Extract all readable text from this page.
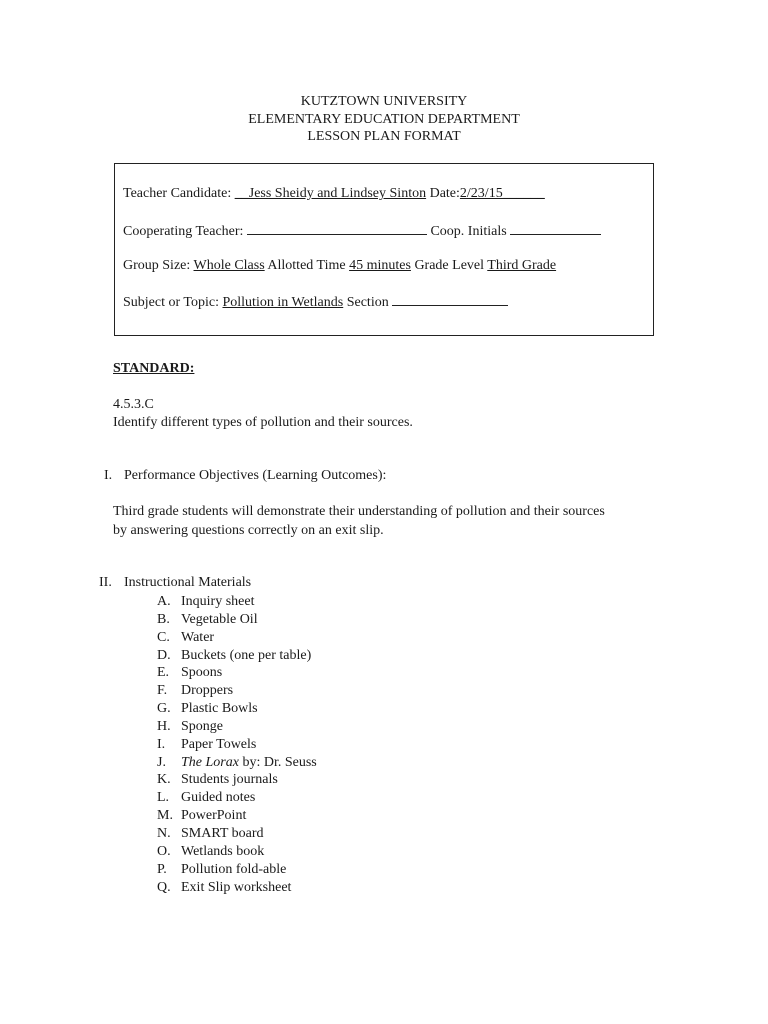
KUTZTOWN UNIVERSITY
ELEMENTARY EDUCATION DEPARTMENT
LESSON PLAN FORMAT
Teacher Candidate: __Jess Sheidy and Lindsey Sinton Date:2/23/15______
Cooperating Teacher:	Coop. Initials
Group Size: Whole Class Allotted Time 45 minutes Grade Level Third Grade
Subject or Topic: Pollution in Wetlands Section
STANDARD:
4.5.3.C
Identify different types of pollution and their sources.
I. Performance Objectives (Learning Outcomes):
Third grade students will demonstrate their understanding of pollution and their sources
by answering questions correctly on an exit slip.
II. Instructional Materials
A. Inquiry sheet
B. Vegetable Oil
C. Water
D. Buckets (one per table)
E. Spoons
F. Droppers
G. Plastic Bowls
H. Sponge
I. Paper Towels
J. The Lorax by: Dr. Seuss
K. Students journals
L. Guided notes
M. PowerPoint
N. SMART board
O. Wetlands book
P. Pollution fold-able
Q. Exit Slip worksheet
